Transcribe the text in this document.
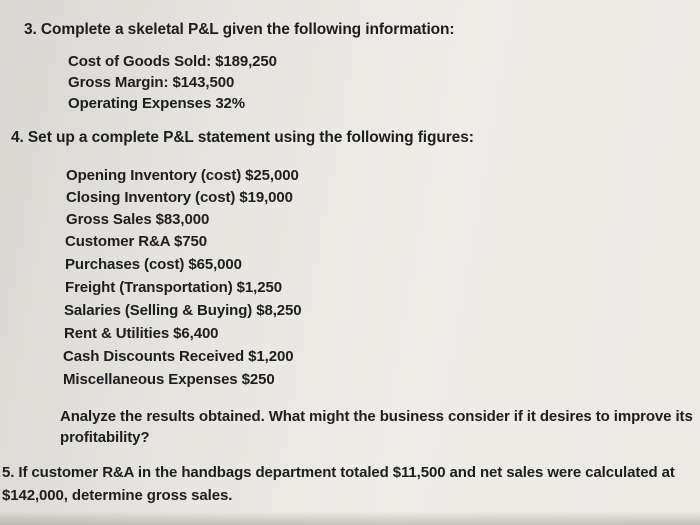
3. Complete a skeletal P&L given the following information:
Cost of Goods Sold: $189,250
Gross Margin: $143,500
Operating Expenses 32%
4. Set up a complete P&L statement using the following figures:
Opening Inventory (cost) $25,000
Closing Inventory (cost) $19,000
Gross Sales $83,000
Customer R&A $750
Purchases (cost) $65,000
Freight (Transportation) $1,250
Salaries (Selling & Buying) $8,250
Rent & Utilities $6,400
Cash Discounts Received $1,200
Miscellaneous Expenses $250
Analyze the results obtained. What might the business consider if it desires to improve its
profitability?
5. If customer R&A in the handbags department totaled $11,500 and net sales were calculated at
$142,000, determine gross sales.
